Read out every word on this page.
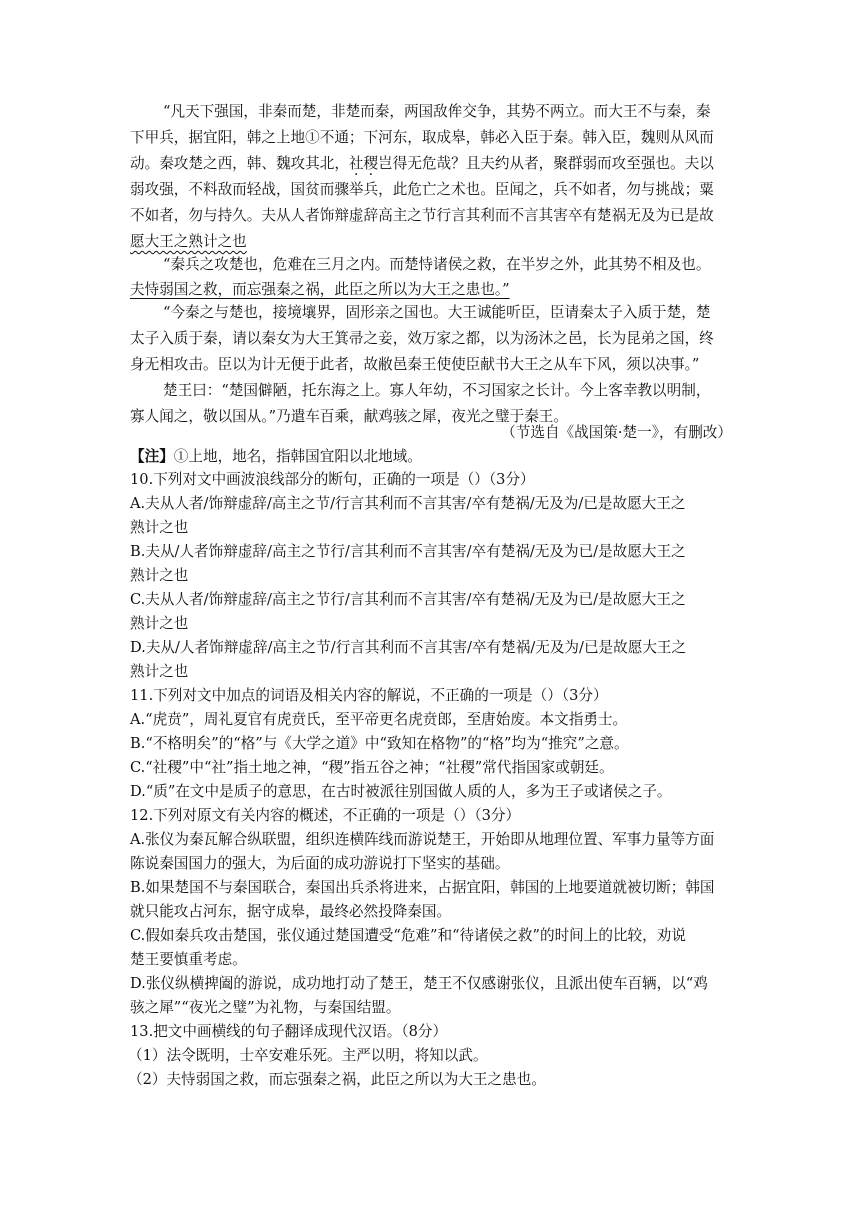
“凡天下强国，非秦而楚，非楚而秦，两国敌侔交争，其势不两立。而大王不与秦，秦
下甲兵，据宜阳，韩之上地①不通；下河东，取成皋，韩必入臣于秦。韩入臣，魏则从风而
动。秦攻楚之西，韩、魏攻其北，社稷岂得无危哉？且夫约从者，聚群弱而攻至强也。夫以
弱攻强，不料敌而轻战，国贫而骤举兵，此危亡之术也。臣闻之，兵不如者，勿与挑战；粟
不如者，勿与持久。夫从人者饰辩虚辞高主之节行言其利而不言其害卒有楚祸无及为已是故
愿大王之熟计之也
“秦兵之攻楚也，危难在三月之内。而楚恃诸侯之救，在半岁之外，此其势不相及也。
夫恃弱国之救，而忘强秦之祸，此臣之所以为大王之患也。”
“今秦之与楚也，接境壤界，固形亲之国也。大王诚能听臣，臣请秦太子入质于楚，楚
太子入质于秦，请以秦女为大王箕帚之妾，效万家之都，以为汤沐之邑，长为昆弟之国，终
身无相攻击。臣以为计无便于此者，故敝邑秦王使使臣献书大王之从车下风，须以决事。”
楚王曰：“楚国僻陋，托东海之上。寡人年幼，不习国家之长计。今上客幸教以明制，
寡人闻之，敬以国从。”乃遣车百乘，献鸡骇之犀，夜光之璧于秦王。
（节选自《战国策·楚一》，有删改）
【注】①上地，地名，指韩国宜阳以北地域。
10.下列对文中画波浪线部分的断句，正确的一项是（）（3分）
A.夫从人者/饰辩虚辞/高主之节/行言其利而不言其害/卒有楚祸/无及为/已是故愿大王之
熟计之也
B.夫从/人者饰辩虚辞/高主之节行/言其利而不言其害/卒有楚祸/无及为已/是故愿大王之
熟计之也
C.夫从人者/饰辩虚辞/高主之节行/言其利而不言其害/卒有楚祸/无及为已/是故愿大王之
熟计之也
D.夫从/人者饰辩虚辞/高主之节/行言其利而不言其害/卒有楚祸/无及为/已是故愿大王之
熟计之也
11.下列对文中加点的词语及相关内容的解说，不正确的一项是（）（3分）
A.“虎贲”，周礼夏官有虎贲氏，至平帝更名虎贲郎，至唐始废。本文指勇士。
B.“不格明矣”的“格”与《大学之道》中“致知在格物”的“格”均为“推究”之意。
C.“社稷”中“社”指土地之神，“稷”指五谷之神；“社稷”常代指国家或朝廷。
D.“质”在文中是质子的意思，在古时被派往别国做人质的人，多为王子或诸侯之子。
12.下列对原文有关内容的概述，不正确的一项是（）（3分）
A.张仪为秦瓦解合纵联盟，组织连横阵线而游说楚王，开始即从地理位置、军事力量等方面
陈说秦国国力的强大，为后面的成功游说打下坚实的基础。
B.如果楚国不与秦国联合，秦国出兵杀将进来，占据宜阳，韩国的上地要道就被切断；韩国
就只能攻占河东，据守成皋，最终必然投降秦国。
C.假如秦兵攻击楚国，张仪通过楚国遭受“危难”和“待诸侯之救”的时间上的比较，劝说
楚王要慎重考虑。
D.张仪纵横捭阖的游说，成功地打动了楚王，楚王不仅感谢张仪，且派出使车百辆，以“鸡
骇之犀”“夜光之璧”为礼物，与秦国结盟。
13.把文中画横线的句子翻译成现代汉语。（8分）
（1）法令既明，士卒安难乐死。主严以明，将知以武。
（2）夫恃弱国之救，而忘强秦之祸，此臣之所以为大王之患也。
